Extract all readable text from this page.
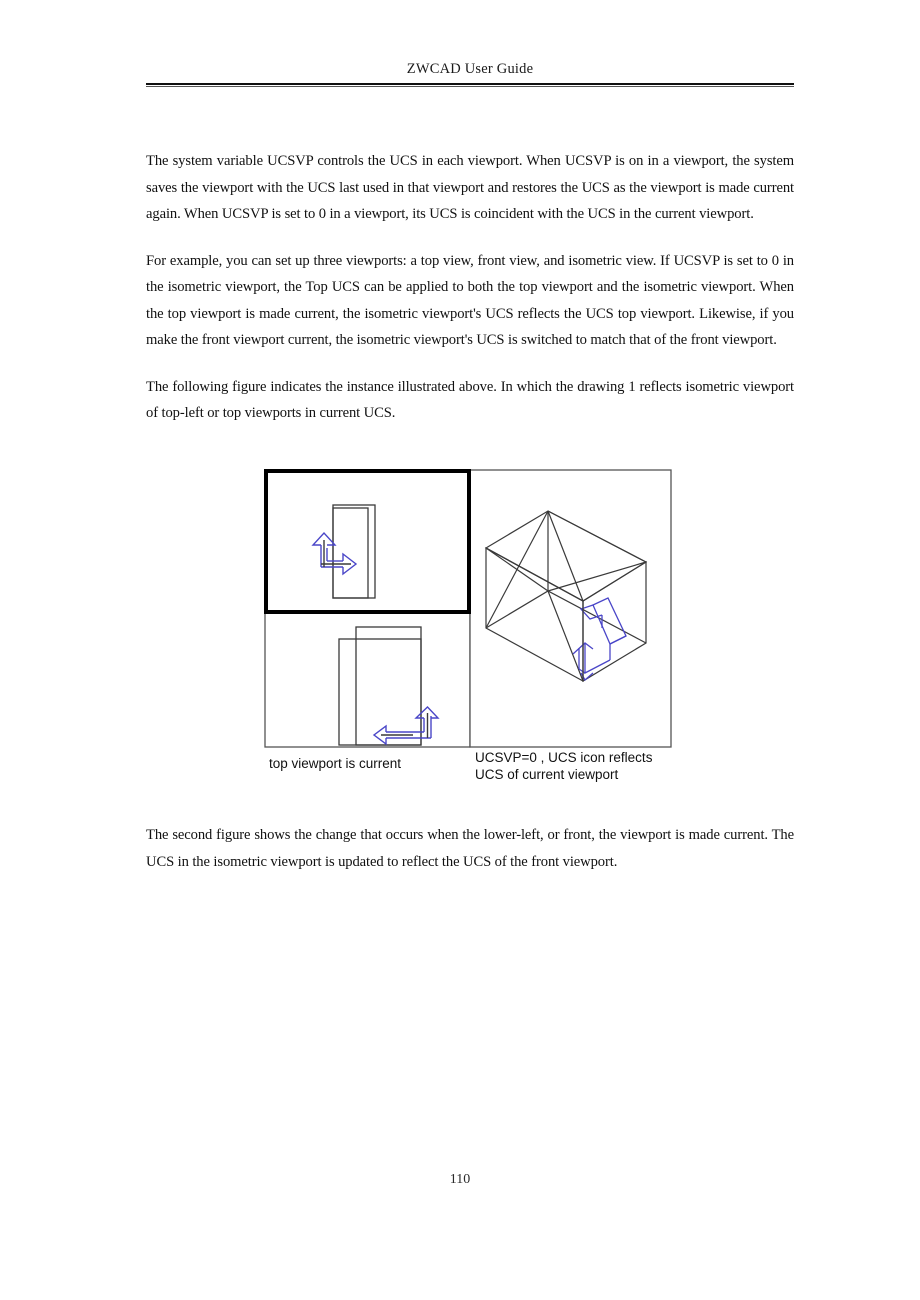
ZWCAD User Guide

The system variable UCSVP controls the UCS in each viewport. When UCSVP is on in a viewport, the system saves the viewport with the UCS last used in that viewport and restores the UCS as the viewport is made current again. When UCSVP is set to 0 in a viewport, its UCS is coincident with the UCS in the current viewport.

For example, you can set up three viewports: a top view, front view, and isometric view. If UCSVP is set to 0 in the isometric viewport, the Top UCS can be applied to both the top viewport and the isometric viewport. When the top viewport is made current, the isometric viewport's UCS reflects the UCS top viewport. Likewise, if you make the front viewport current, the isometric viewport's UCS is switched to match that of the front viewport.

The following figure indicates the instance illustrated above. In which the drawing 1 reflects isometric viewport of top-left or top viewports in current UCS.

top viewport is current	UCSVP=0 , UCS icon reflects
UCS of current viewport

The second figure shows the change that occurs when the lower-left, or front, the viewport is made current. The UCS in the isometric viewport is updated to reflect the UCS of the front viewport.

110
